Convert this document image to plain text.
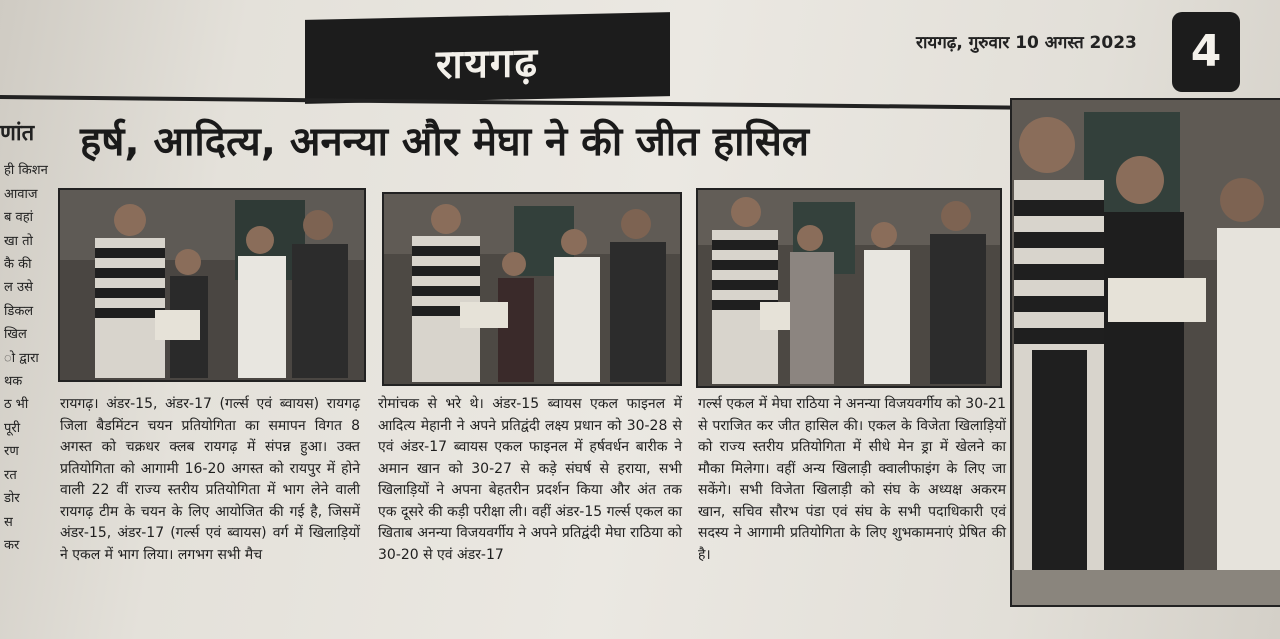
रायगढ़	रायगढ़, गुरुवार 10 अगस्त 2023	4
णांत
ही किशन
आवाज
ब वहां
खा तो
कै की
ल उसे
डिकल
खिल
ो द्वारा
थक
ठ भी
पूरी
रण
रत
डोर
स
कर
हर्ष, आदित्य, अनन्या और मेघा ने की जीत हासिल

रायगढ़। अंडर-15, अंडर-17 (गर्ल्स एवं ब्वायस) रायगढ़ जिला बैडमिंटन चयन प्रतियोगिता का समापन विगत 8 अगस्त को चक्रधर क्लब रायगढ़ में संपन्न हुआ। उक्त प्रतियोगिता को आगामी 16-20 अगस्त को रायपुर में होने वाली 22 वीं राज्य स्तरीय प्रतियोगिता में भाग लेने वाली रायगढ़ टीम के चयन के लिए आयोजित की गई है, जिसमें अंडर-15, अंडर-17 (गर्ल्स एवं ब्वायस) वर्ग में खिलाड़ियों ने एकल में भाग लिया। लगभग सभी मैच

रोमांचक से भरे थे। अंडर-15 ब्वायस एकल फाइनल में आदित्य मेहानी ने अपने प्रतिद्वंदी लक्ष्य प्रधान को 30-28 से एवं अंडर-17 ब्वायस एकल फाइनल में हर्षवर्धन बारीक ने अमान खान को 30-27 से कड़े संघर्ष से हराया, सभी खिलाड़ियों ने अपना बेहतरीन प्रदर्शन किया और अंत तक एक दूसरे की कड़ी परीक्षा ली। वहीं अंडर-15 गर्ल्स एकल का खिताब अनन्या विजयवर्गीय ने अपने प्रतिद्वंदी मेघा राठिया को 30-20 से एवं अंडर-17

गर्ल्स एकल में मेघा राठिया ने अनन्या विजयवर्गीय को 30-21 से पराजित कर जीत हासिल की। एकल के विजेता खिलाड़ियों को राज्य स्तरीय प्रतियोगिता में सीधे मेन ड्रा में खेलने का मौका मिलेगा। वहीं अन्य खिलाड़ी क्वालीफाइंग के लिए जा सकेंगे। सभी विजेता खिलाड़ी को संघ के अध्यक्ष अकरम खान, सचिव सौरभ पंडा एवं संघ के सभी पदाधिकारी एवं सदस्य ने आगामी प्रतियोगिता के लिए शुभकामनाएं प्रेषित की है।
